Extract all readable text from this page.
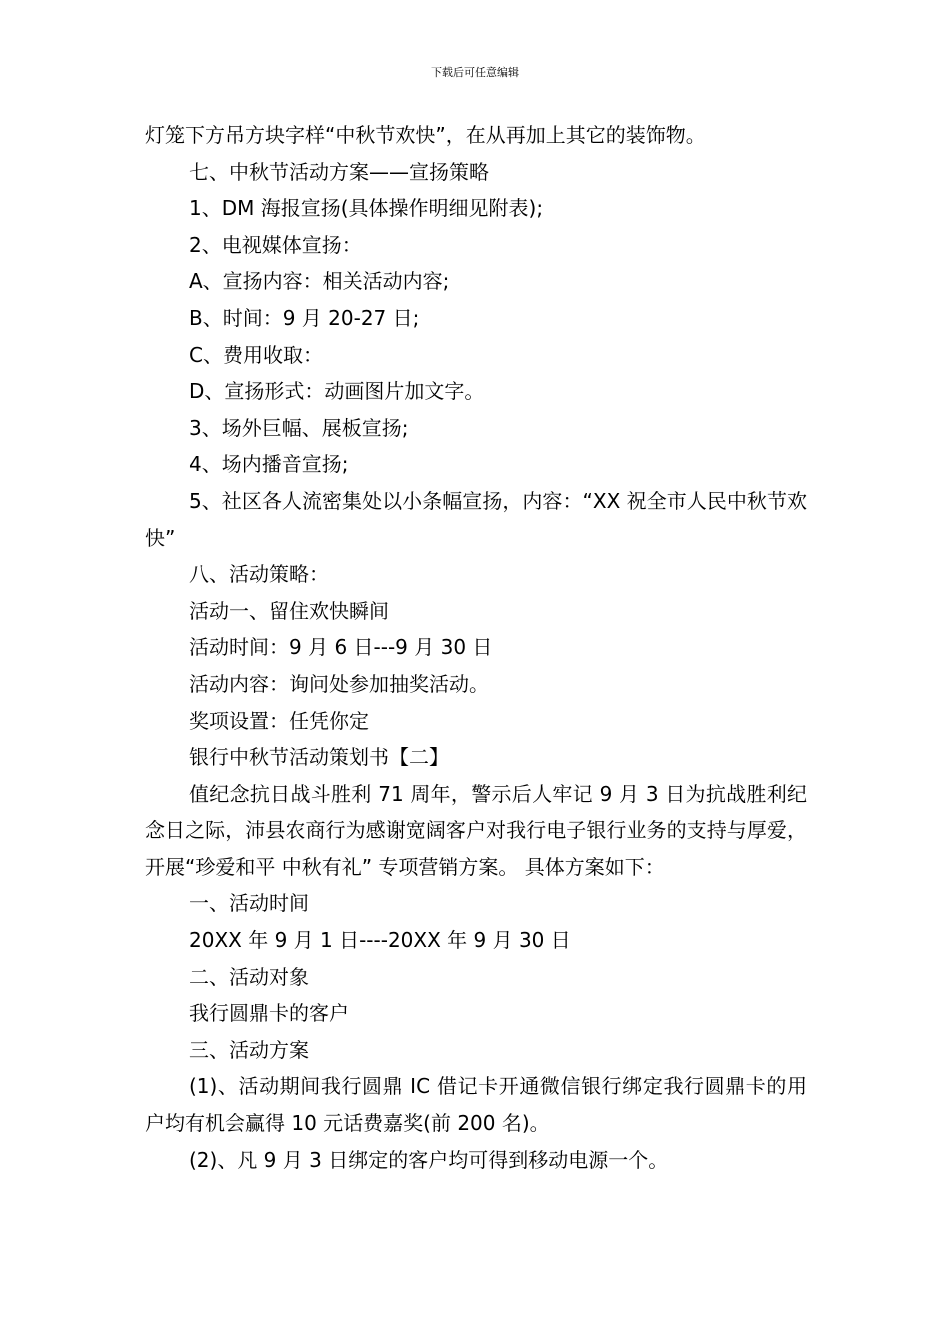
下载后可任意编辑

灯笼下方吊方块字样“中秋节欢快”，在从再加上其它的装饰物。

七、中秋节活动方案——宣扬策略

1、DM 海报宣扬(具体操作明细见附表);

2、电视媒体宣扬：

A、宣扬内容：相关活动内容;

B、时间：9 月 20-27 日;

C、费用收取：

D、宣扬形式：动画图片加文字。

3、场外巨幅、展板宣扬;

4、场内播音宣扬;

5、社区各人流密集处以小条幅宣扬，内容：“XX 祝全市人民中秋节欢快”

八、活动策略：

活动一、留住欢快瞬间

活动时间：9 月 6 日---9 月 30 日

活动内容：询问处参加抽奖活动。

奖项设置：任凭你定

银行中秋节活动策划书【二】

值纪念抗日战斗胜利 71 周年，警示后人牢记 9 月 3 日为抗战胜利纪念日之际，沛县农商行为感谢宽阔客户对我行电子银行业务的支持与厚爱，开展“珍爱和平 中秋有礼” 专项营销方案。 具体方案如下：

一、活动时间

20XX 年 9 月 1 日----20XX 年 9 月 30 日

二、活动对象

我行圆鼎卡的客户

三、活动方案

(1)、活动期间我行圆鼎 IC 借记卡开通微信银行绑定我行圆鼎卡的用户均有机会赢得 10 元话费嘉奖(前 200 名)。

(2)、凡 9 月 3 日绑定的客户均可得到移动电源一个。
